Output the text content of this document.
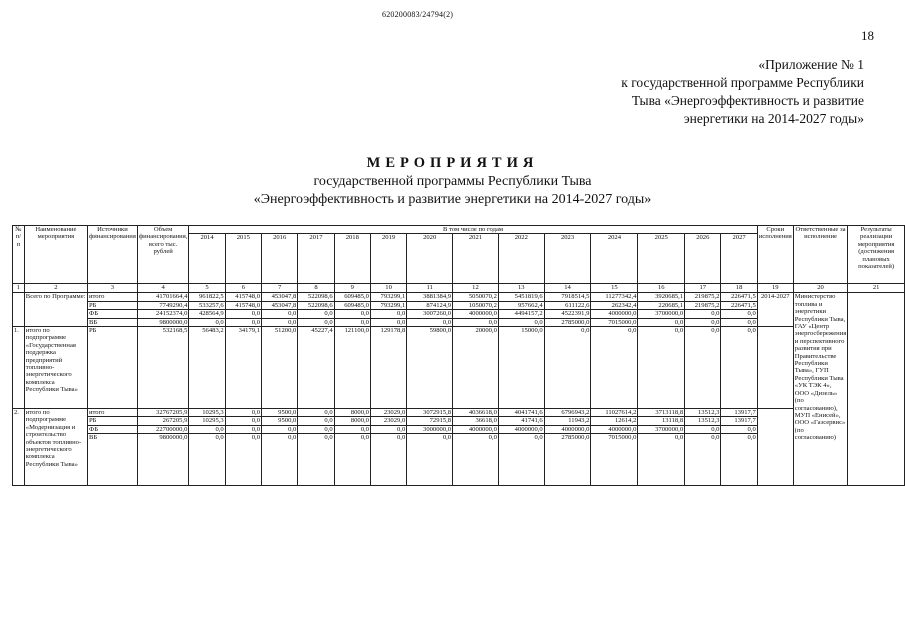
620200083/24794(2)
18
«Приложение № 1
к государственной программе Республики
Тыва «Энергоэффективность и развитие
энергетики на 2014-2027 годы»
МЕРОПРИЯТИЯ
государственной программы Республики Тыва
«Энергоэффективность и развитие энергетики на 2014-2027 годы»
№ п/п	Наименование мероприятия	Источники финансирования	Объем финансирования, всего тыс. рублей	В том числе по годам														Сроки исполнения	Ответственные за исполнение	Результаты реализации мероприятия (достижения плановых показателей)
				2014	2015	2016	2017	2018	2019	2020	2021	2022	2023	2024	2025	2026	2027			
1	2	3	4	5	6	7	8	9	10	11	12	13	14	15	16	17	18	19	20	21
	Всего по Программе:	итого	41701664,4	961822,5	415748,0	453047,8	522098,6	609485,0	793299,1	3881384,9	5050070,2	5451819,6	7918514,5	11277342,4	3920685,1	219875,2	226471,5	2014-2027	Министерство топлива и энергетики Республики Тыва, ГАУ «Центр энергосбережения и перспективного развития при Правительстве Республики Тыва», ГУП Республики Тыва «УК ТЭК 4», ООО «Дизель» (по согласованию), МУП «Енисей», ООО «Газсервис» (по согласованию)	
		РБ	7749290,4	533257,6	415748,0	453047,8	522098,6	609485,0	793299,1	874124,9	1050070,2	957662,4	611122,6	262342,4	220685,1	219875,2	226471,5			
		ФБ	24152374,0	428564,9	0,0	0,0	0,0	0,0	0,0	3007260,0	4000000,0	4494157,2	4522391,9	4000000,0	3700000,0	0,0	0,0			
		ВБ	9800000,0	0,0	0,0	0,0	0,0	0,0	0,0	0,0	0,0	0,0	2785000,0	7015000,0	0,0	0,0	0,0			
1.	итого по подпрограмме «Государственная поддержка предприятий топливно-энергетического комплекса Республики Тыва»	РБ	532168,5	56483,2	34179,1	51200,0	45227,4	121100,0	129178,8	59800,0	20000,0	15000,0	0,0	0,0	0,0	0,0	0,0			
2.	итого по подпрограмме «Модернизация и строительство объектов топливно-энергетического комплекса Республики Тыва»	итого	32767205,9	10295,3	0,0	9500,0	0,0	8000,0	23029,0	3072915,8	4036618,0	4041741,6	6796943,2	11027614,2	3713118,8	13512,3	13917,7			
		РБ	267205,9	10295,3	0,0	9500,0	0,0	8000,0	23029,0	72915,8	36618,0	41741,6	11943,2	12614,2	13118,8	13512,3	13917,7			
		ФБ	22700000,0	0,0	0,0	0,0	0,0	0,0	0,0	3000000,0	4000000,0	4000000,0	4000000,0	4000000,0	3700000,0	0,0	0,0			
		ВБ	9800000,0	0,0	0,0	0,0	0,0	0,0	0,0	0,0	0,0	0,0	2785000,0	7015000,0	0,0	0,0	0,0			
